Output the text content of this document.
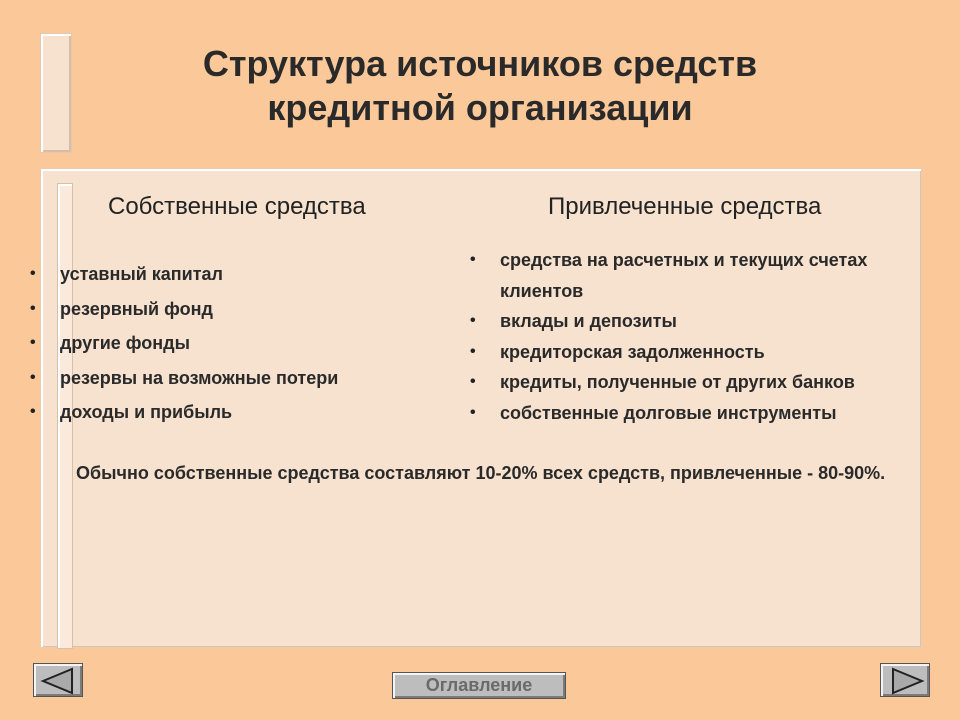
Структура источников средств
кредитной организации
Собственные средства	Привлеченные средства
• уставный капитал
• резервный фонд
• другие фонды
• резервы на возможные потери
• доходы и прибыль
• средства на расчетных и текущих счетах клиентов
• вклады и депозиты
• кредиторская задолженность
• кредиты, полученные от других банков
• собственные долговые инструменты
Обычно собственные средства составляют 10-20% всех средств, привлеченные - 80-90%.
Оглавление
